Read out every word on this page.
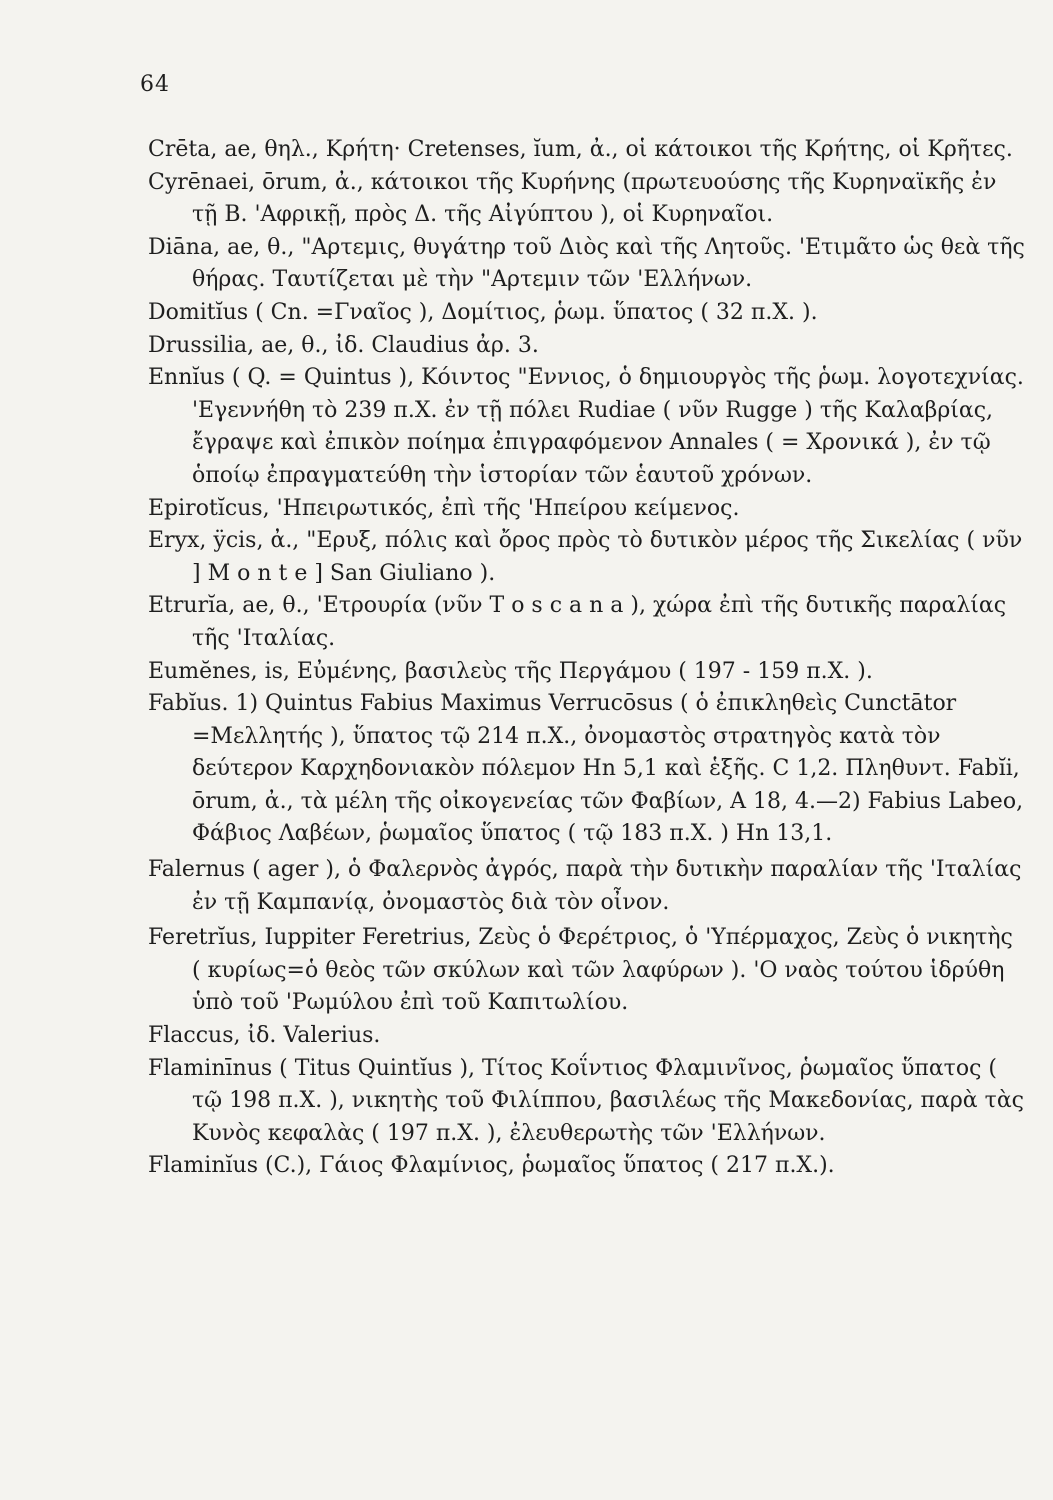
64

Crēta, ae, θηλ., Κρήτη· Cretenses, ĭum, ἀ., οἱ κάτοικοι τῆς Κρήτης, οἱ Κρῆτες.

Cyrēnaei, ōrum, ἀ., κάτοικοι τῆς Κυρήνης (πρωτευούσης τῆς Κυρηναϊκῆς ἐν τῇ Β. 'Αφρικῇ, πρὸς Δ. τῆς Αἰγύπτου ), οἱ Κυρηναῖοι.

Diāna, ae, θ., "Αρτεμις, θυγάτηρ τοῦ Διὸς καὶ τῆς Λητοῦς. 'Ετιμᾶτο ὡς θεὰ τῆς θήρας. Ταυτίζεται μὲ τὴν "Αρτεμιν τῶν 'Ελλήνων.

Domitĭus ( Cn. =Γναῖος ), Δομίτιος, ῥωμ. ὕπατος ( 32 π.Χ. ).

Drussilia, ae, θ., ἰδ. Claudius ἀρ. 3.

Ennĭus ( Q. = Quintus ), Κόιντος "Εννιος, ὁ δημιουργὸς τῆς ῥωμ. λογοτεχνίας. 'Εγεννήθη τὸ 239 π.Χ. ἐν τῇ πόλει Rudiae ( νῦν Rugge ) τῆς Καλαβρίας, ἔγραψε καὶ ἐπικὸν ποίημα ἐπιγραφόμενον Annales ( = Χρονικά ), ἐν τῷ ὁποίῳ ἐπραγματεύθη τὴν ἱστορίαν τῶν ἑαυτοῦ χρόνων.

Epirotĭcus, 'Ηπειρωτικός, ἐπὶ τῆς 'Ηπείρου κείμενος.

Eryx, ÿcis, ἀ., "Ερυξ, πόλις καὶ ὄρος πρὸς τὸ δυτικὸν μέρος τῆς Σικελίας ( νῦν ] M o n t e ] San Giuliano ).

Etrurĭa, ae, θ., 'Ετρουρία (νῦν T o s c a n a ), χώρα ἐπὶ τῆς δυτικῆς παραλίας τῆς 'Ιταλίας.

Eumĕnes, is, Εὐμένης, βασιλεὺς τῆς Περγάμου ( 197 - 159 π.Χ. ).

Fabĭus. 1) Quintus Fabius Maximus Verrucōsus ( ὁ ἐπικληθεὶς Cunctātor =Μελλητής ), ὕπατος τῷ 214 π.Χ., ὀνομαστὸς στρατηγὸς κατὰ τὸν δεύτερον Καρχηδονιακὸν πόλεμον Hn 5,1 καὶ ἑξῆς. C 1,2. Πληθυντ. Fabĭi, ōrum, ἀ., τὰ μέλη τῆς οἰκογενείας τῶν Φαβίων, A 18, 4.—2) Fabius Labeo, Φάβιος Λαβέων, ῥωμαῖος ὕπατος ( τῷ 183 π.Χ. ) Hn 13,1.

Falernus ( ager ), ὁ Φαλερνὸς ἀγρός, παρὰ τὴν δυτικὴν παραλίαν τῆς 'Ιταλίας ἐν τῇ Καμπανίᾳ, ὀνομαστὸς διὰ τὸν οἶνον.

Feretrĭus, Iuppiter Feretrius, Ζεὺς ὁ Φερέτριος, ὁ 'Υπέρμαχος, Ζεὺς ὁ νικητὴς ( κυρίως=ὁ θεὸς τῶν σκύλων καὶ τῶν λαφύρων ). 'Ο ναὸς τούτου ἱδρύθη ὑπὸ τοῦ 'Ρωμύλου ἐπὶ τοῦ Καπιτωλίου.

Flaccus, ἰδ. Valerius.

Flaminīnus ( Titus Quintĭus ), Τίτος Κοΐντιος Φλαμινῖνος, ῥωμαῖος ὕπατος ( τῷ 198 π.Χ. ), νικητὴς τοῦ Φιλίππου, βασιλέως τῆς Μακεδονίας, παρὰ τὰς Κυνὸς κεφαλὰς ( 197 π.Χ. ), ἐλευθερωτὴς τῶν 'Ελλήνων.

Flaminĭus (C.), Γάιος Φλαμίνιος, ῥωμαῖος ὕπατος ( 217 π.Χ.).
